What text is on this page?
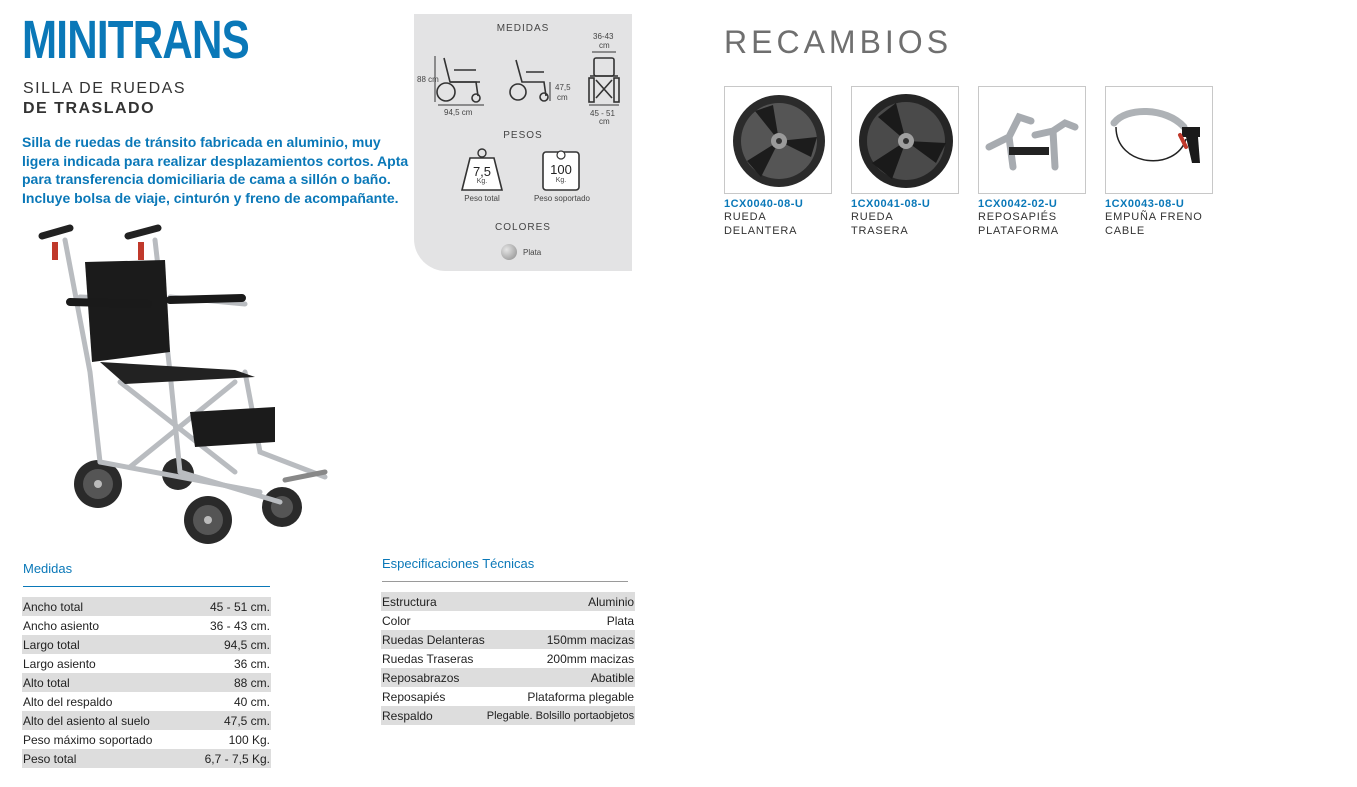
MINITRANS
SILLA DE RUEDAS
DE TRASLADO
Silla de ruedas de tránsito fabricada en aluminio, muy ligera indicada para realizar desplazamientos cortos. Apta para transferencia domiciliaria de cama a sillón o baño. Incluye bolsa de viaje, cinturón y freno de acompañante.
MEDIDAS
88 cm
94,5 cm
47,5
cm
36-43
cm
45 - 51
cm
PESOS
7,5
Kg.
Peso total
100
Kg.
Peso soportado
COLORES
Plata
RECAMBIOS
1CX0040-08-U
RUEDA
DELANTERA
1CX0041-08-U
RUEDA
TRASERA
1CX0042-02-U
REPOSAPIÉS
PLATAFORMA
1CX0043-08-U
EMPUÑA FRENO
CABLE
Medidas
Ancho total	45 - 51 cm.
Ancho asiento	36 - 43 cm.
Largo total	94,5 cm.
Largo asiento	36 cm.
Alto total	88 cm.
Alto del respaldo	40 cm.
Alto del asiento al suelo	47,5 cm.
Peso máximo soportado	100 Kg.
Peso total	6,7 - 7,5 Kg.
Especificaciones Técnicas
Estructura	Aluminio
Color	Plata
Ruedas Delanteras	150mm macizas
Ruedas Traseras	200mm macizas
Reposabrazos	Abatible
Reposapiés	Plataforma plegable
Respaldo	Plegable. Bolsillo portaobjetos
